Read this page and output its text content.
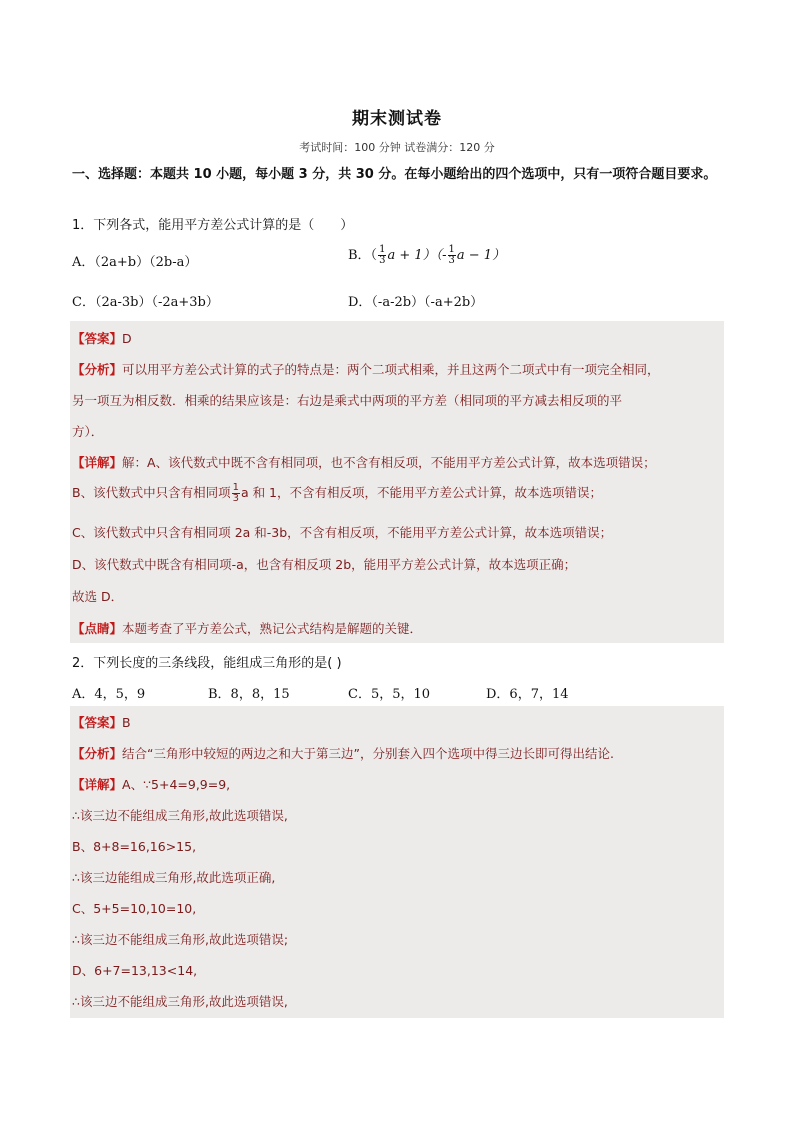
期末测试卷
考试时间：100 分钟 试卷满分：120 分
一、选择题：本题共 10 小题，每小题 3 分，共 30 分。在每小题给出的四个选项中，只有一项符合题目要求。
1．下列各式，能用平方差公式计算的是（　　）
A．（2a+b）（2b-a）	B．（ $\frac{1}{3}$ $a + 1)(- \frac{1}{3}$ a − 1）
C．（2a-3b）（-2a+3b）	D．（-a-2b）（-a+2b）
【答案】D
【分析】可以用平方差公式计算的式子的特点是：两个二项式相乘，并且这两个二项式中有一项完全相同，
另一项互为相反数．相乘的结果应该是：右边是乘式中两项的平方差（相同项的平方减去相反项的平
方）．
【详解】解：A、该代数式中既不含有相同项，也不含有相反项，不能用平方差公式计算，故本选项错误；
B、该代数式中只含有相同项 $\frac{1}{3}$ a 和 1，不含有相反项，不能用平方差公式计算，故本选项错误；
C、该代数式中只含有相同项 2a 和-3b，不含有相反项，不能用平方差公式计算，故本选项错误；
D、该代数式中既含有相同项-a，也含有相反项 2b，能用平方差公式计算，故本选项正确；
故选 D．
【点睛】本题考查了平方差公式，熟记公式结构是解题的关键．
2．下列长度的三条线段，能组成三角形的是( )
A．4，5，9	B．8，8，15	C．5，5，10	D．6，7，14
【答案】B
【分析】结合“三角形中较短的两边之和大于第三边”，分别套入四个选项中得三边长即可得出结论.
【详解】A、∵5+4=9,9=9,
∴该三边不能组成三角形,故此选项错误,
B、8+8=16,16>15,
∴该三边能组成三角形,故此选项正确,
C、5+5=10,10=10,
∴该三边不能组成三角形,故此选项错误;
D、6+7=13,13<14,
∴该三边不能组成三角形,故此选项错误,
